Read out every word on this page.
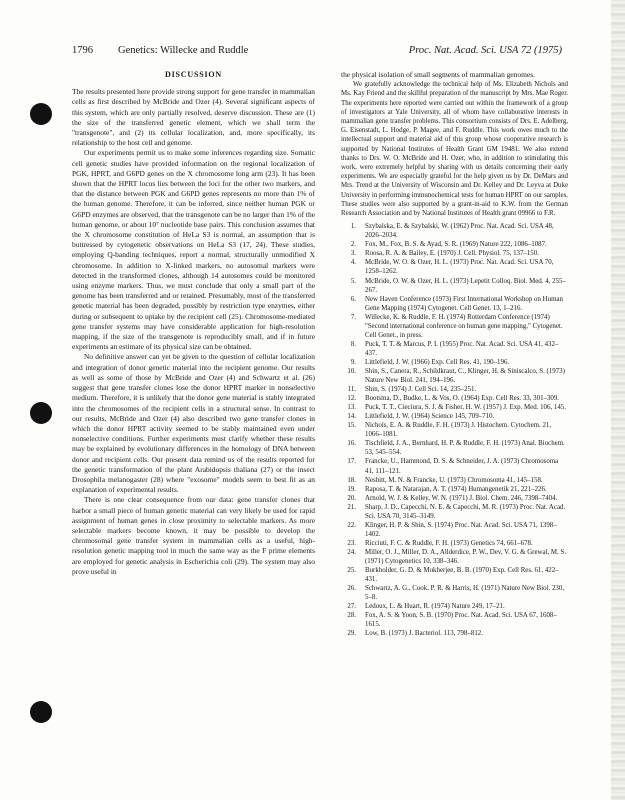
1796 Genetics: Willecke and Ruddle	Proc. Nat. Acad. Sci. USA 72 (1975)
DISCUSSION

The results presented here provide strong support for gene transfer in mammalian cells as first described by McBride and Ozer (4). Several significant aspects of this system, which are only partially resolved, deserve discussion. These are (1) the size of the transferred genetic element, which we shall term the "transgenote", and (2) its cellular localization, and, more specifically, its relationship to the host cell and genome.

Our experiments permit us to make some inferences regarding size. Somatic cell genetic studies have provided information on the regional localization of PGK, HPRT, and G6PD genes on the X chromosome long arm (23). It has been shown that the HPRT locus lies between the loci for the other two markers, and that the distance between PGK and G6PD genes represents no more than 1% of the human genome. Therefore, it can be inferred, since neither human PGK or G6PD enzymes are observed, that the transgenote can be no larger than 1% of the human genome, or about 10⁷ nucleotide base pairs. This conclusion assumes that the X chromosome constitution of HeLa S3 is normal, an assumption that is buttressed by cytogenetic observations on HeLa S3 (17, 24). These studies, employing Q-banding techniques, report a normal, structurally unmodified X chromosome. In addition to X-linked markers, no autosomal markers were detected in the transformed clones, although 14 autosomes could be monitored using enzyme markers. Thus, we must conclude that only a small part of the genome has been transferred and or retained. Presumably, most of the transferred genetic material has been degraded, possibly by restriction type enzymes, either during or subsequent to uptake by the recipient cell (25). Chromosome-mediated gene transfer systems may have considerable application for high-resolution mapping, if the size of the transgenote is reproducibly small, and if in future experiments an estimate of its physical size can be obtained.

No definitive answer can yet be given to the question of cellular localization and integration of donor genetic material into the recipient genome. Our results as well as some of those by McBride and Ozer (4) and Schwartz et al. (26) suggest that gene transfer clones lose the donor HPRT marker in nonselective medium. Therefore, it is unlikely that the donor gene material is stably integrated into the chromosomes of the recipient cells in a structural sense. In contrast to our results, McBride and Ozer (4) also described two gene transfer clones in which the donor HPRT activity seemed to be stably maintained even under nonselective conditions. Further experiments must clarify whether these results may be explained by evolutionary differences in the homology of DNA between donor and recipient cells. Our present data remind us of the results reported for the genetic transformation of the plant Arabidopsis thaliana (27) or the insect Drosophila melanogaster (28) where "exosome" models seem to best fit as an explanation of experimental results.

There is one clear consequence from our data: gene transfer clones that harbor a small piece of human genetic material can very likely be used for rapid assignment of human genes in close proximity to selectable markers. As more selectable markers become known, it may be possible to develop the chromosomal gene transfer system in mammalian cells as a useful, high-resolution genetic mapping tool in much the same way as the F prime elements are employed for genetic analysis in Escherichia coli (29). The system may also prove useful in

the physical isolation of small segments of mammalian genomes.

We gratefully acknowledge the technical help of Ms. Elizabeth Nichols and Ms. Kay Friend and the skillful preparation of the manuscript by Mrs. Mae Roger. The experiments here reported were carried out within the framework of a group of investigators at Yale University, all of whom have collaborative interests in mammalian gene transfer problems. This consortium consists of Drs. E. Adelberg, G. Eisenstadt, L. Hodge, P. Magee, and F. Ruddle. This work owes much to the intellectual support and material aid of this group whose cooperative research is supported by National Institutes of Health Grant GM 19481. We also extend thanks to Drs. W. O. McBride and H. Ozer, who, in addition to stimulating this work, were extremely helpful by sharing with us details concerning their early experiments. We are especially grateful for the help given us by Dr. DeMars and Mrs. Trend at the University of Wisconsin and Dr. Kelley and Dr. Leyva at Duke University in performing immunochemical tests for human HPRT on our samples. These studies were also supported by a grant-in-aid to K.W. from the German Research Association and by National Institutes of Health grant 09966 to F.R.

1. Szybalska, E. & Szybalski, W. (1962) Proc. Nat. Acad. Sci. USA 48, 2026–2034.
2. Fox, M., Fox, B. S. & Ayad, S. R. (1969) Nature 222, 1086–1087.
3. Roosa, R. A. & Bailey, E. (1970) J. Cell. Physiol. 75, 137–150.
4. McBride, W. O. & Ozer, H. L. (1973) Proc. Nat. Acad. Sci. USA 70, 1258–1262.
5. McBride, O. W. & Ozer, H. L. (1973) Lepetit Colloq. Biol. Med. 4, 255–267.
6. New Haven Conference (1973) First International Workshop on Human Gene Mapping (1974) Cytogenet. Cell Genet. 13, 1–216.
7. Willecke, K. & Ruddle, F. H. (1974) Rotterdam Conference (1974) "Second international conference on human gene mapping," Cytogenet. Cell Genet., in press.
8. Puck, T. T. & Marcus, P. I. (1955) Proc. Nat. Acad. Sci. USA 41, 432–437.
9. Littlefield, J. W. (1966) Exp. Cell Res. 41, 190–196.
10. Shin, S., Canera, R., Schildkraut, C., Klinger, H. & Siniscalco, S. (1973) Nature New Biol. 241, 194–196.
11. Shin, S. (1974) J. Cell Sci. 14, 235–251.
12. Bootsma, D., Budke, L. & Vos, O. (1964) Exp. Cell Res. 33, 301–309.
13. Puck, T. T., Cieciura, S. J. & Fisher, H. W. (1957) J. Exp. Med. 106, 145.
14. Littlefield, J. W. (1964) Science 145, 709–710.
15. Nichols, E. A. & Ruddle, F. H. (1973) J. Histochem. Cytochem. 21, 1066–1081.
16. Tischfield, J. A., Bernhard, H. P. & Ruddle, F. H. (1973) Anal. Biochem. 53, 545–554.
17. Francke, U., Hammond, D. S. & Schneider, J. A. (1973) Chromosoma 41, 111–121.
18. Nesbitt, M. N. & Francke, U. (1973) Chromosoma 41, 145–158.
19. Raposa, T. & Natarajan, A. T. (1974) Humangenetik 21, 221–226.
20. Arnold, W. J. & Kelley, W. N. (1971) J. Biol. Chem. 246, 7398–7404.
21. Sharp, J. D., Capecchi, N. E. & Capecchi, M. R. (1973) Proc. Nat. Acad. Sci. USA 70, 3145–3149.
22. Klinger, H. P. & Shin, S. (1974) Proc. Nat. Acad. Sci. USA 71, 1398–1402.
23. Ricciuti, F. C. & Ruddle, F. H. (1973) Genetics 74, 661–678.
24. Miller, O. J., Miller, D. A., Allderdice, P. W., Dev, V. G. & Grewal, M. S. (1971) Cytogenetics 10, 338–346.
25. Burkholder, G. D. & Mukherjee, B. B. (1970) Exp. Cell Res. 61, 422–431.
26. Schwartz, A. G., Cook, P. R. & Harris, H. (1971) Nature New Biol. 230, 5–8.
27. Ledoux, L. & Huart, R. (1974) Nature 249, 17–21.
28. Fox, A. S. & Yoon, S. B. (1970) Proc. Nat. Acad. Sci. USA 67, 1608–1615.
29. Low, B. (1973) J. Bacteriol. 113, 798–812.
